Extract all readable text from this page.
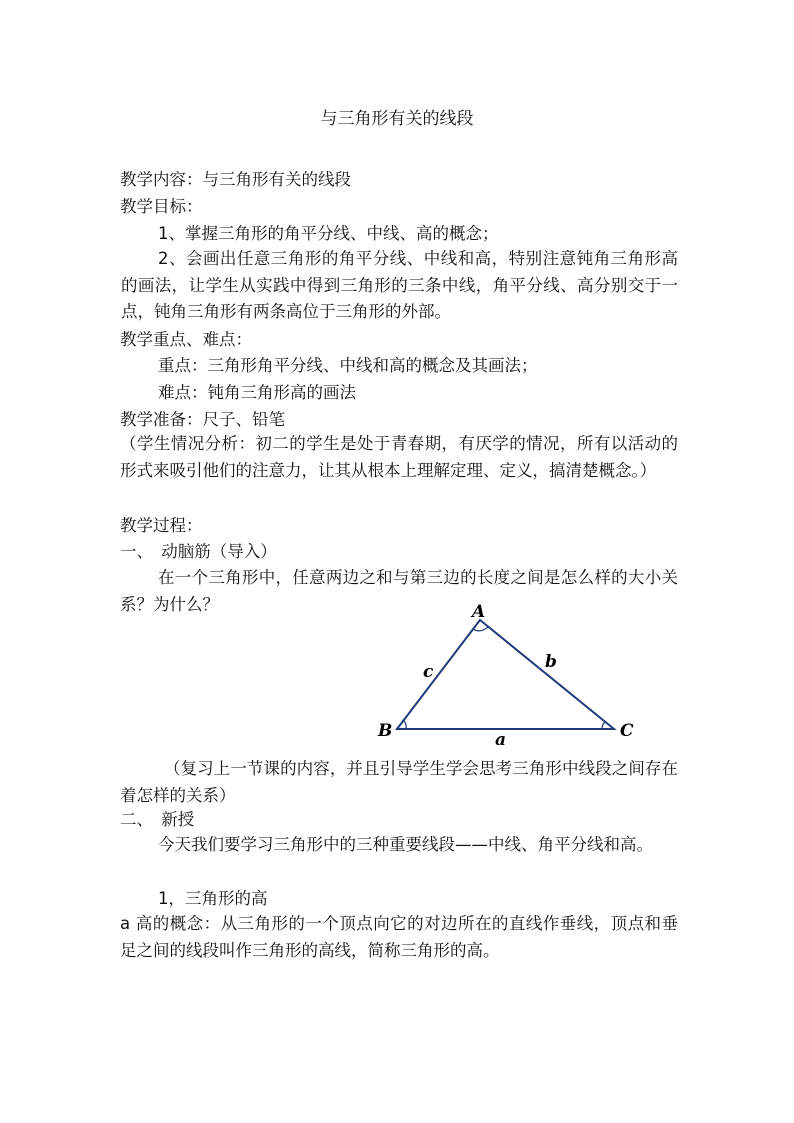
与三角形有关的线段
教学内容：与三角形有关的线段
教学目标：
1、掌握三角形的角平分线、中线、高的概念；
2、会画出任意三角形的角平分线、中线和高，特别注意钝角三角形高的画法，让学生从实践中得到三角形的三条中线，角平分线、高分别交于一点，钝角三角形有两条高位于三角形的外部。
教学重点、难点：
重点：三角形角平分线、中线和高的概念及其画法；
难点：钝角三角形高的画法
教学准备：尺子、铅笔
（学生情况分析：初二的学生是处于青春期，有厌学的情况，所有以活动的形式来吸引他们的注意力，让其从根本上理解定理、定义，搞清楚概念。）
教学过程：
一、　动脑筋（导入）
在一个三角形中，任意两边之和与第三边的长度之间是怎么样的大小关系？为什么？	A
B	C
a
b
c
（复习上一节课的内容，并且引导学生学会思考三角形中线段之间存在着怎样的关系）
二、　新授
今天我们要学习三角形中的三种重要线段——中线、角平分线和高。
1，三角形的高
a 高的概念：从三角形的一个顶点向它的对边所在的直线作垂线，顶点和垂足之间的线段叫作三角形的高线，简称三角形的高。
